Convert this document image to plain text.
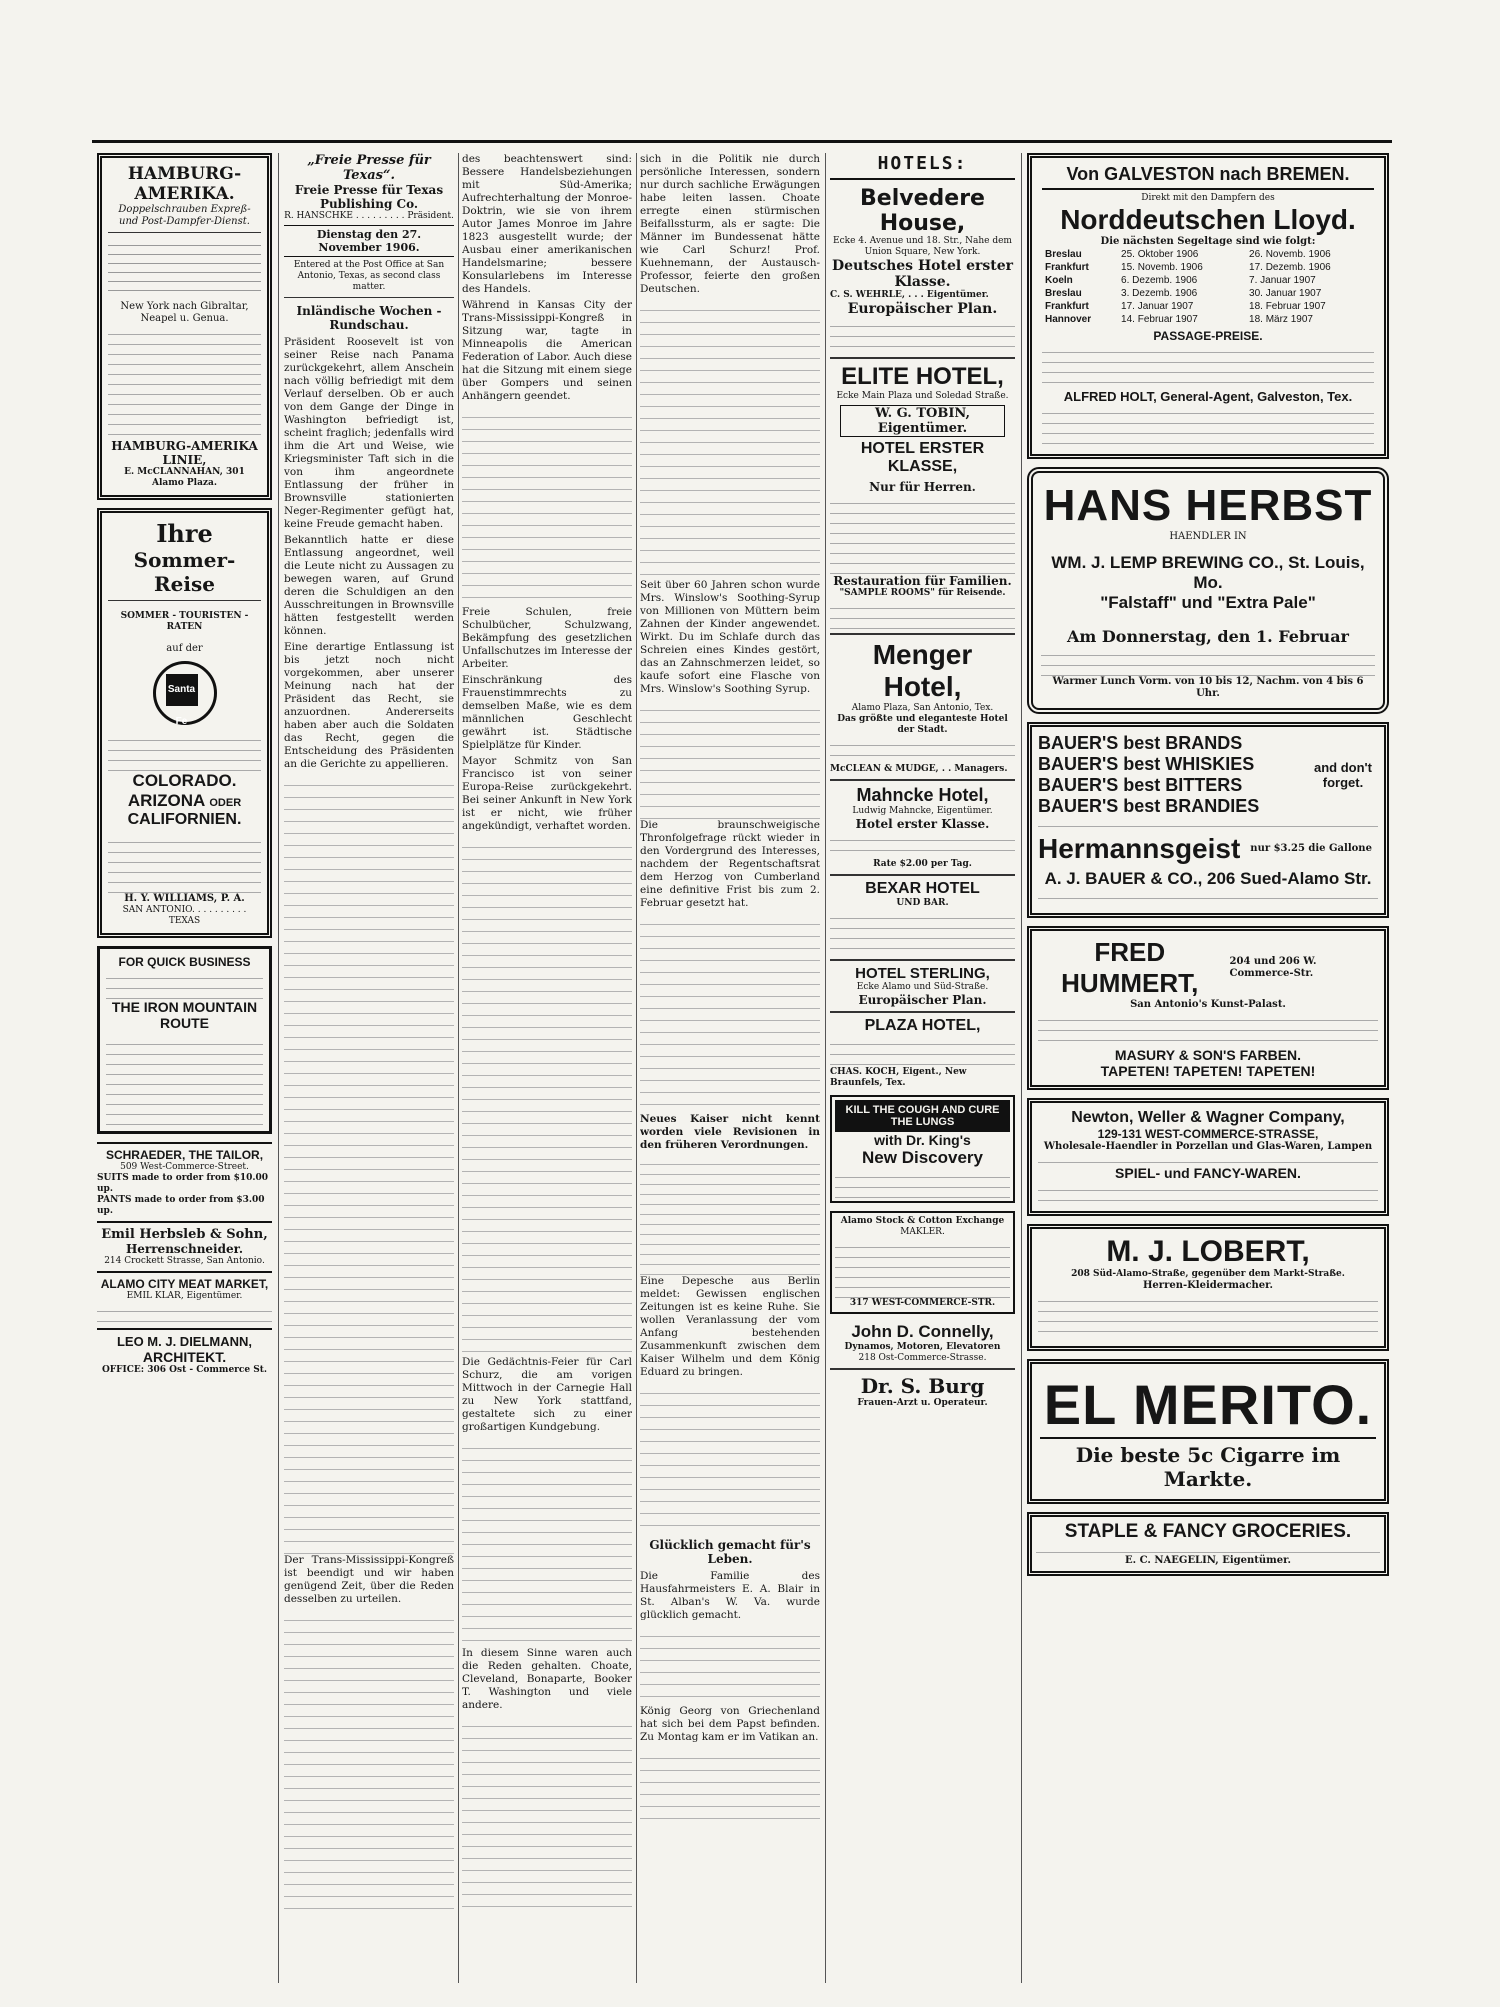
HAMBURG-AMERIKA.
Doppelschrauben Expreß- und Post-Dampfer-Dienst.
New York nach Gibraltar, Neapel u. Genua.
HAMBURG-AMERIKA LINIE,
E. McCLANNAHAN, 301 Alamo Plaza.
Ihre
Sommer-Reise
SOMMER - TOURISTEN - RATEN
auf der
Santa Fe
COLORADO.
ARIZONA ODER
CALIFORNIEN.
H. Y. WILLIAMS, P. A.
SAN ANTONIO. . . . . . . . . . TEXAS
FOR QUICK BUSINESS
THE IRON MOUNTAIN
ROUTE
SCHRAEDER, THE TAILOR,
509 West-Commerce-Street.
SUITS made to order from $10.00 up.
PANTS made to order from $3.00 up.
Emil Herbsleb & Sohn,
Herrenschneider.
214 Crockett Strasse, San Antonio.
ALAMO CITY MEAT MARKET,
EMIL KLAR, Eigentümer.
LEO M. J. DIELMANN,
ARCHITEKT.
OFFICE: 306 Ost - Commerce St.
„Freie Presse für Texas“.
Freie Presse für Texas Publishing Co.
R. HANSCHKE . . . . . . . . . Präsident.
Dienstag den 27. November 1906.
Entered at the Post Office at San Antonio, Texas, as second class matter.
Inländische Wochen - Rundschau.

Präsident Roosevelt ist von seiner Reise nach Panama zurückgekehrt, allem Anschein nach völlig befriedigt mit dem Verlauf derselben. Ob er auch von dem Gange der Dinge in Washington befriedigt ist, scheint fraglich; jedenfalls wird ihm die Art und Weise, wie Kriegsminister Taft sich in die von ihm angeordnete Entlassung der früher in Brownsville stationierten Neger-Regimenter gefügt hat, keine Freude gemacht haben.

Bekanntlich hatte er diese Entlassung angeordnet, weil die Leute nicht zu Aussagen zu bewegen waren, auf Grund deren die Schuldigen an den Ausschreitungen in Brownsville hätten festgestellt werden können.

Eine derartige Entlassung ist bis jetzt noch nicht vorgekommen, aber unserer Meinung nach hat der Präsident das Recht, sie anzuordnen. Andererseits haben aber auch die Soldaten das Recht, gegen die Entscheidung des Präsidenten an die Gerichte zu appellieren.

Der Trans-Mississippi-Kongreß ist beendigt und wir haben genügend Zeit, über die Reden desselben zu urteilen.

des beachtenswert sind: Bessere Handelsbeziehungen mit Süd-Amerika; Aufrechterhaltung der Monroe-Doktrin, wie sie von ihrem Autor James Monroe im Jahre 1823 ausgestellt wurde; der Ausbau einer amerikanischen Handelsmarine; bessere Konsularlebens im Interesse des Handels.

Während in Kansas City der Trans-Mississippi-Kongreß in Sitzung war, tagte in Minneapolis die American Federation of Labor. Auch diese hat die Sitzung mit einem siege über Gompers und seinen Anhängern geendet.

Freie Schulen, freie Schulbücher, Schulzwang, Bekämpfung des gesetzlichen Unfallschutzes im Interesse der Arbeiter.

Einschränkung des Frauenstimmrechts zu demselben Maße, wie es dem männlichen Geschlecht gewährt ist. Städtische Spielplätze für Kinder.

Mayor Schmitz von San Francisco ist von seiner Europa-Reise zurückgekehrt. Bei seiner Ankunft in New York ist er nicht, wie früher angekündigt, verhaftet worden.

Die Gedächtnis-Feier für Carl Schurz, die am vorigen Mittwoch in der Carnegie Hall zu New York stattfand, gestaltete sich zu einer großartigen Kundgebung.

In diesem Sinne waren auch die Reden gehalten. Choate, Cleveland, Bonaparte, Booker T. Washington und viele andere.

sich in die Politik nie durch persönliche Interessen, sondern nur durch sachliche Erwägungen habe leiten lassen. Choate erregte einen stürmischen Beifallssturm, als er sagte: Die Männer im Bundessenat hätte wie Carl Schurz! Prof. Kuehnemann, der Austausch-Professor, feierte den großen Deutschen.

Seit über 60 Jahren schon wurde Mrs. Winslow's Soothing-Syrup von Millionen von Müttern beim Zahnen der Kinder angewendet. Wirkt. Du im Schlafe durch das Schreien eines Kindes gestört, das an Zahnschmerzen leidet, so kaufe sofort eine Flasche von Mrs. Winslow's Soothing Syrup.

Die braunschweigische Thronfolgefrage rückt wieder in den Vordergrund des Interesses, nachdem der Regentschaftsrat dem Herzog von Cumberland eine definitive Frist bis zum 2. Februar gesetzt hat.

Neues Kaiser nicht kennt worden viele Revisionen in den früheren Verordnungen.

Eine Depesche aus Berlin meldet: Gewissen englischen Zeitungen ist es keine Ruhe. Sie wollen Veranlassung der vom Anfang bestehenden Zusammenkunft zwischen dem Kaiser Wilhelm und dem König Eduard zu bringen.

Glücklich gemacht für's Leben.

Die Familie des Hausfahrmeisters E. A. Blair in St. Alban's W. Va. wurde glücklich gemacht.

König Georg von Griechenland hat sich bei dem Papst befinden. Zu Montag kam er im Vatikan an.

HOTELS:
Belvedere House,
Ecke 4. Avenue und 18. Str., Nahe dem Union Square, New York.
Deutsches Hotel erster Klasse.
C. S. WEHRLE, . . . Eigentümer.
Europäischer Plan.
ELITE HOTEL,
Ecke Main Plaza und Soledad Straße.
W. G. TOBIN, Eigentümer.
HOTEL ERSTER KLASSE,
Nur für Herren.
Restauration für Familien.
"SAMPLE ROOMS" für Reisende.
Menger Hotel,
Alamo Plaza, San Antonio, Tex.
Das größte und eleganteste Hotel der Stadt.
McCLEAN & MUDGE, . . Managers.
Mahncke Hotel,
Ludwig Mahncke, Eigentümer.
Hotel erster Klasse.
Rate $2.00 per Tag.
BEXAR HOTEL
UND BAR.
HOTEL STERLING,
Ecke Alamo und Süd-Straße.
Europäischer Plan.
PLAZA HOTEL,
CHAS. KOCH, Eigent., New Braunfels, Tex.
KILL THE COUGH AND CURE THE LUNGS
with Dr. King's
New Discovery
Alamo Stock & Cotton Exchange
MAKLER.
317 WEST-COMMERCE-STR.
John D. Connelly,
Dynamos, Motoren, Elevatoren
218 Ost-Commerce-Strasse.
Dr. S. Burg
Frauen-Arzt u. Operateur.
Von GALVESTON nach BREMEN.
Direkt mit den Dampfern des
Norddeutschen Lloyd.
Die nächsten Segeltage sind wie folgt:
Breslau	25. Oktober 1906	26. Novemb. 1906
Frankfurt	15. Novemb. 1906	17. Dezemb. 1906
Koeln	6. Dezemb. 1906	7. Januar 1907
Breslau	3. Dezemb. 1906	30. Januar 1907
Frankfurt	17. Januar 1907	18. Februar 1907
Hannover	14. Februar 1907	18. März 1907
PASSAGE-PREISE.
ALFRED HOLT, General-Agent, Galveston, Tex.
HANS HERBST
HAENDLER IN
WM. J. LEMP BREWING CO., St. Louis, Mo.
"Falstaff" und "Extra Pale"
Am Donnerstag, den 1. Februar
Warmer Lunch Vorm. von 10 bis 12, Nachm. von 4 bis 6 Uhr.
BAUER'S best BRANDS
BAUER'S best WHISKIES
BAUER'S best BITTERS
BAUER'S best BRANDIES
and don't forget.
Hermannsgeist nur $3.25 die Gallone
A. J. BAUER & CO., 206 Sued-Alamo Str.
FRED HUMMERT,
204 und 206 W. Commerce-Str.
San Antonio's Kunst-Palast.
MASURY & SON'S FARBEN.
TAPETEN! TAPETEN! TAPETEN!
Newton, Weller & Wagner Company,
129-131 WEST-COMMERCE-STRASSE,
Wholesale-Haendler in Porzellan und Glas-Waren, Lampen
SPIEL- und FANCY-WAREN.
M. J. LOBERT,
208 Süd-Alamo-Straße, gegenüber dem Markt-Straße.
Herren-Kleidermacher.
EL MERITO.
Die beste 5c Cigarre im Markte.
STAPLE & FANCY GROCERIES.
E. C. NAEGELIN, Eigentümer.
